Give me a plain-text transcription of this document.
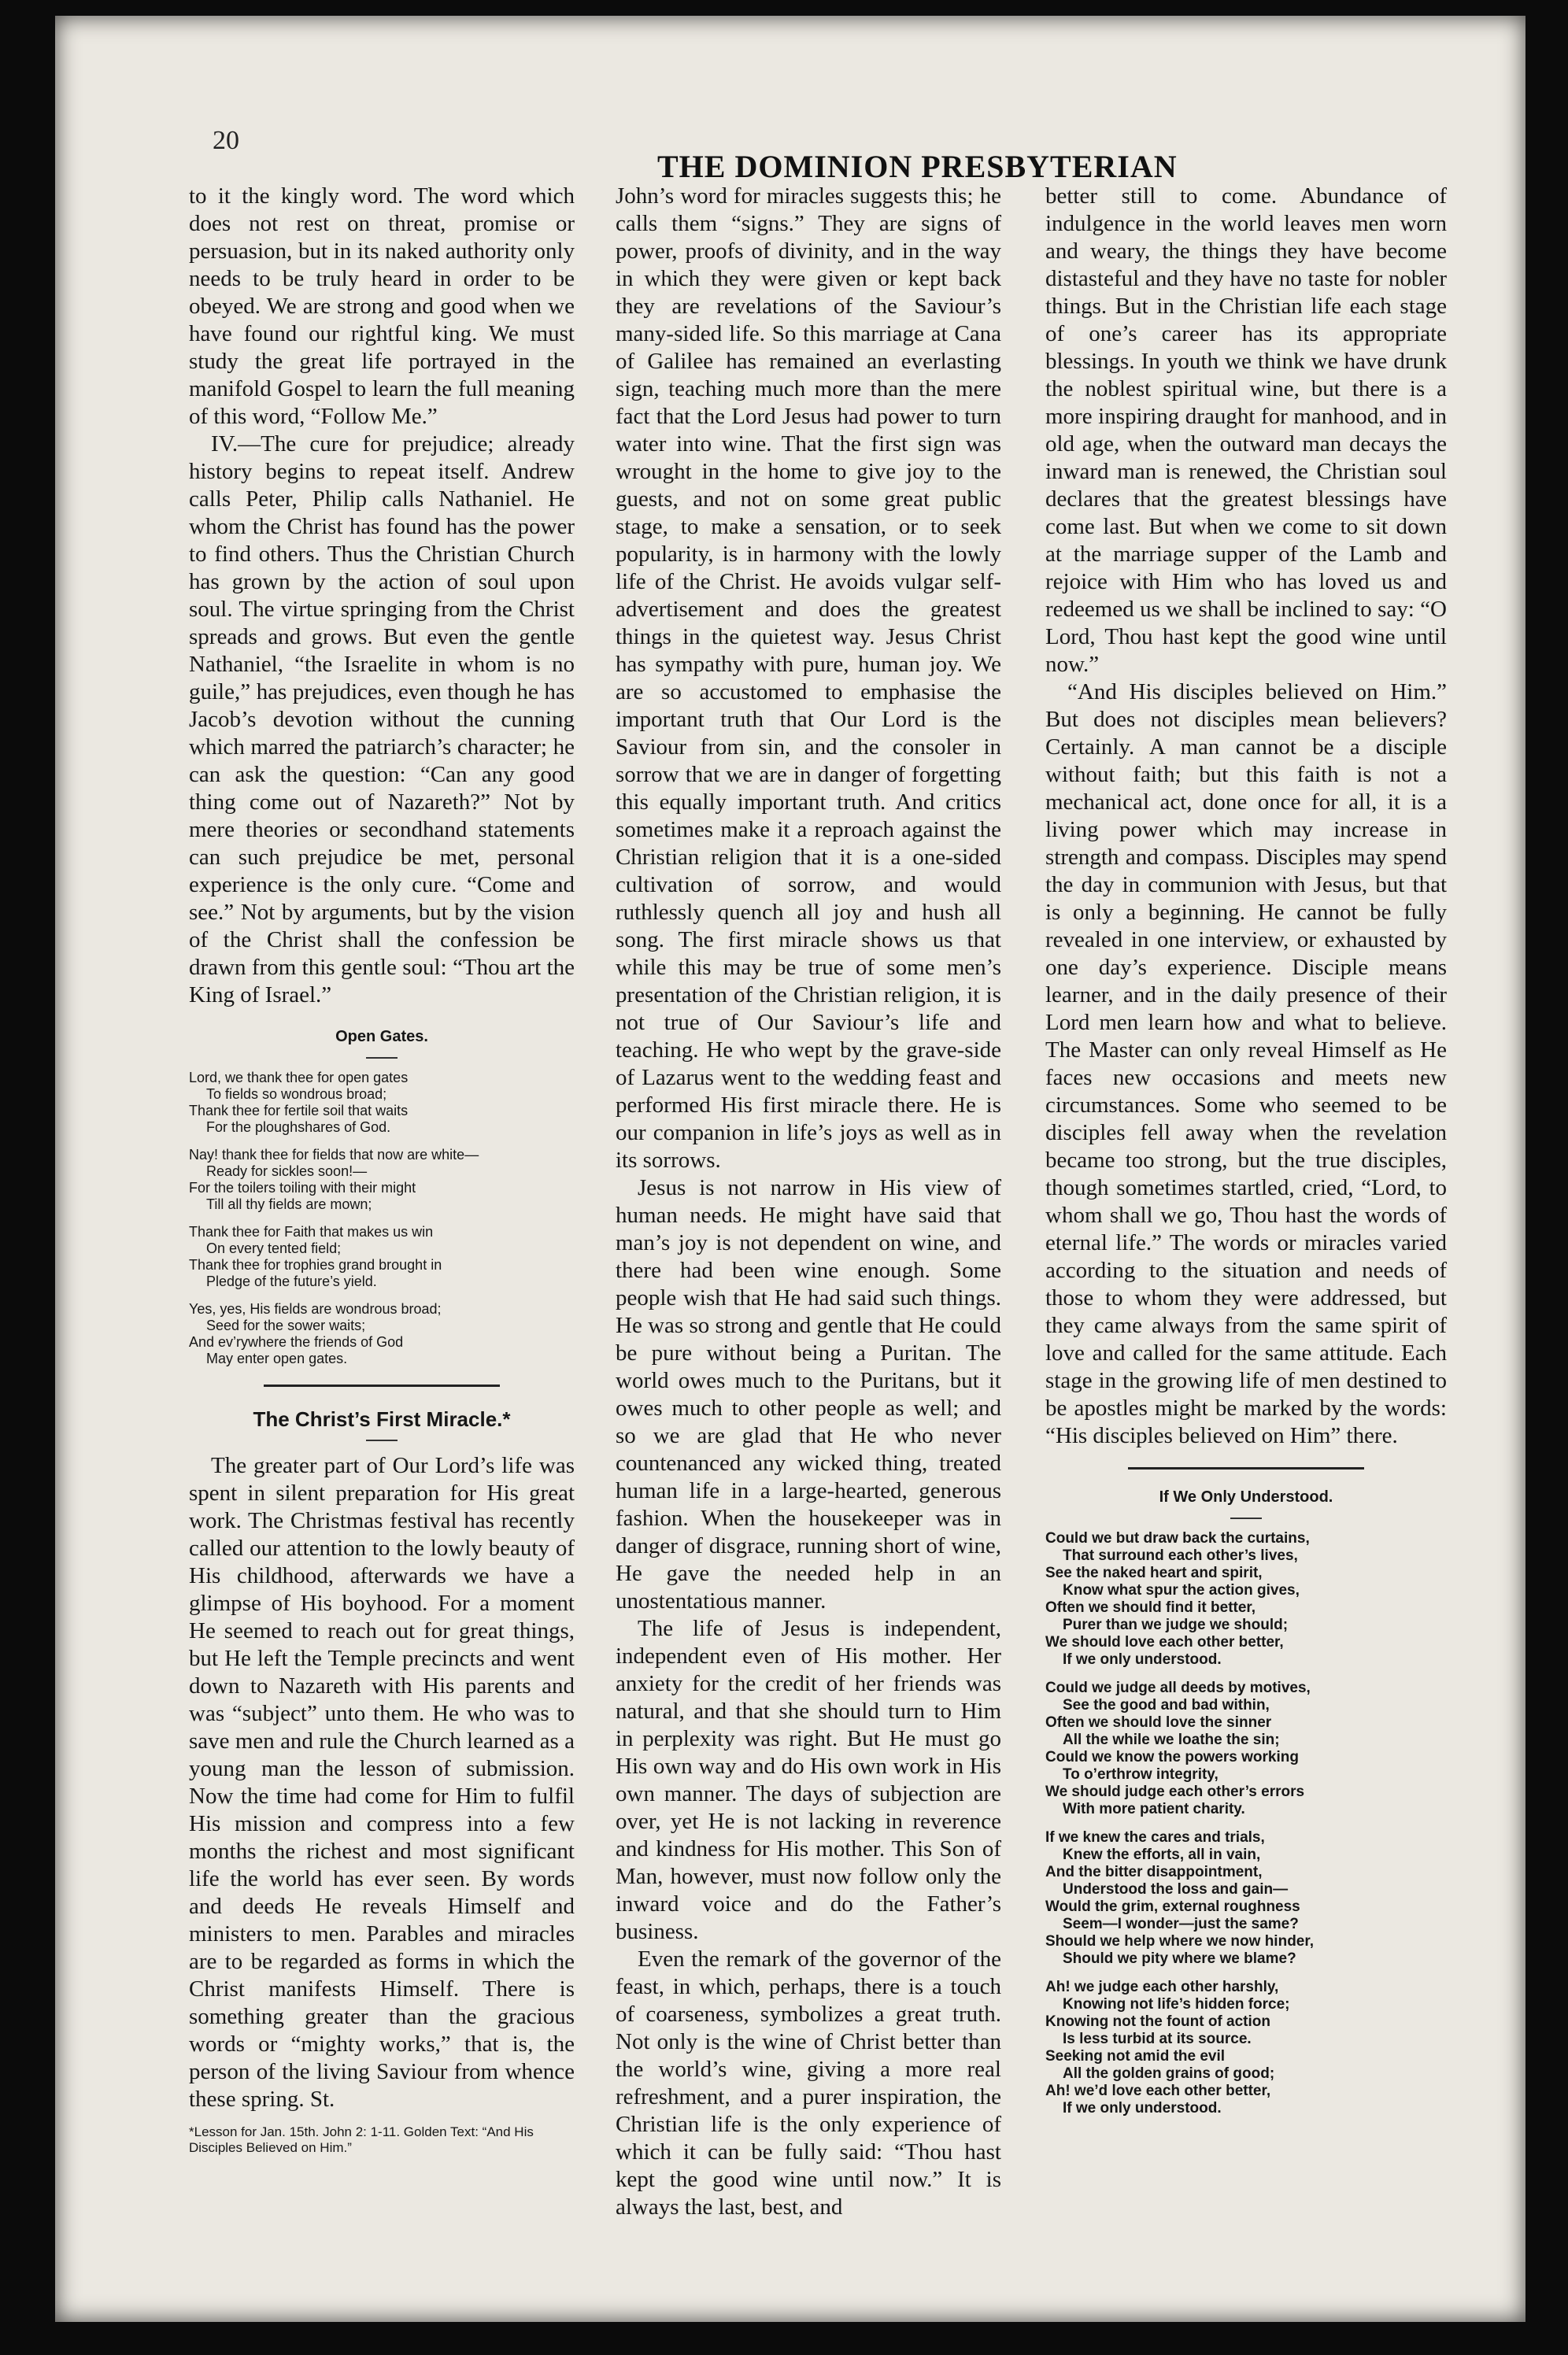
20
THE DOMINION PRESBYTERIAN

to it the kingly word. The word which does not rest on threat, promise or persuasion, but in its naked authority only needs to be truly heard in order to be obeyed. We are strong and good when we have found our rightful king. We must study the great life portrayed in the manifold Gospel to learn the full meaning of this word, “Follow Me.”

IV.—The cure for prejudice; already history begins to repeat itself. Andrew calls Peter, Philip calls Nathaniel. He whom the Christ has found has the power to find others. Thus the Christian Church has grown by the action of soul upon soul. The virtue springing from the Christ spreads and grows. But even the gentle Nathaniel, “the Israelite in whom is no guile,” has prejudices, even though he has Jacob’s devotion without the cunning which marred the patriarch’s character; he can ask the question: “Can any good thing come out of Nazareth?” Not by mere theories or secondhand statements can such prejudice be met, personal experience is the only cure. “Come and see.” Not by arguments, but by the vision of the Christ shall the confession be drawn from this gentle soul: “Thou art the King of Israel.”

Open Gates.
Lord, we thank thee for open gates
To fields so wondrous broad;
Thank thee for fertile soil that waits
For the ploughshares of God.
Nay! thank thee for fields that now are white—
Ready for sickles soon!—
For the toilers toiling with their might
Till all thy fields are mown;
Thank thee for Faith that makes us win
On every tented field;
Thank thee for trophies grand brought in
Pledge of the future’s yield.
Yes, yes, His fields are wondrous broad;
Seed for the sower waits;
And ev’rywhere the friends of God
May enter open gates.
The Christ’s First Miracle.*

The greater part of Our Lord’s life was spent in silent preparation for His great work. The Christmas festival has recently called our attention to the lowly beauty of His childhood, afterwards we have a glimpse of His boyhood. For a moment He seemed to reach out for great things, but He left the Temple precincts and went down to Nazareth with His parents and was “subject” unto them. He who was to save men and rule the Church learned as a young man the lesson of submission. Now the time had come for Him to fulfil His mission and compress into a few months the richest and most significant life the world has ever seen. By words and deeds He reveals Himself and ministers to men. Parables and miracles are to be regarded as forms in which the Christ manifests Himself. There is something greater than the gracious words or “mighty works,” that is, the person of the living Saviour from whence these spring. St.

*Lesson for Jan. 15th. John 2: 1-11. Golden Text: “And His Disciples Believed on Him.”

John’s word for miracles suggests this; he calls them “signs.” They are signs of power, proofs of divinity, and in the way in which they were given or kept back they are revelations of the Saviour’s many-sided life. So this marriage at Cana of Galilee has remained an everlasting sign, teaching much more than the mere fact that the Lord Jesus had power to turn water into wine. That the first sign was wrought in the home to give joy to the guests, and not on some great public stage, to make a sensation, or to seek popularity, is in harmony with the lowly life of the Christ. He avoids vulgar self-advertisement and does the greatest things in the quietest way. Jesus Christ has sympathy with pure, human joy. We are so accustomed to emphasise the important truth that Our Lord is the Saviour from sin, and the consoler in sorrow that we are in danger of forgetting this equally important truth. And critics sometimes make it a reproach against the Christian religion that it is a one-sided cultivation of sorrow, and would ruthlessly quench all joy and hush all song. The first miracle shows us that while this may be true of some men’s presentation of the Christian religion, it is not true of Our Saviour’s life and teaching. He who wept by the grave-side of Lazarus went to the wedding feast and performed His first miracle there. He is our companion in life’s joys as well as in its sorrows.

Jesus is not narrow in His view of human needs. He might have said that man’s joy is not dependent on wine, and there had been wine enough. Some people wish that He had said such things. He was so strong and gentle that He could be pure without being a Puritan. The world owes much to the Puritans, but it owes much to other people as well; and so we are glad that He who never countenanced any wicked thing, treated human life in a large-hearted, generous fashion. When the housekeeper was in danger of disgrace, running short of wine, He gave the needed help in an unostentatious manner.

The life of Jesus is independent, independent even of His mother. Her anxiety for the credit of her friends was natural, and that she should turn to Him in perplexity was right. But He must go His own way and do His own work in His own manner. The days of subjection are over, yet He is not lacking in reverence and kindness for His mother. This Son of Man, however, must now follow only the inward voice and do the Father’s business.

Even the remark of the governor of the feast, in which, perhaps, there is a touch of coarseness, symbolizes a great truth. Not only is the wine of Christ better than the world’s wine, giving a more real refreshment, and a purer inspiration, the Christian life is the only experience of which it can be fully said: “Thou hast kept the good wine until now.” It is always the last, best, and

better still to come. Abundance of indulgence in the world leaves men worn and weary, the things they have become distasteful and they have no taste for nobler things. But in the Christian life each stage of one’s career has its appropriate blessings. In youth we think we have drunk the noblest spiritual wine, but there is a more inspiring draught for manhood, and in old age, when the outward man decays the inward man is renewed, the Christian soul declares that the greatest blessings have come last. But when we come to sit down at the marriage supper of the Lamb and rejoice with Him who has loved us and redeemed us we shall be inclined to say: “O Lord, Thou hast kept the good wine until now.”

“And His disciples believed on Him.” But does not disciples mean believers? Certainly. A man cannot be a disciple without faith; but this faith is not a mechanical act, done once for all, it is a living power which may increase in strength and compass. Disciples may spend the day in communion with Jesus, but that is only a beginning. He cannot be fully revealed in one interview, or exhausted by one day’s experience. Disciple means learner, and in the daily presence of their Lord men learn how and what to believe. The Master can only reveal Himself as He faces new occasions and meets new circumstances. Some who seemed to be disciples fell away when the revelation became too strong, but the true disciples, though sometimes startled, cried, “Lord, to whom shall we go, Thou hast the words of eternal life.” The words or miracles varied according to the situation and needs of those to whom they were addressed, but they came always from the same spirit of love and called for the same attitude. Each stage in the growing life of men destined to be apostles might be marked by the words: “His disciples believed on Him” there.

If We Only Understood.
Could we but draw back the curtains,
That surround each other’s lives,
See the naked heart and spirit,
Know what spur the action gives,
Often we should find it better,
Purer than we judge we should;
We should love each other better,
If we only understood.
Could we judge all deeds by motives,
See the good and bad within,
Often we should love the sinner
All the while we loathe the sin;
Could we know the powers working
To o’erthrow integrity,
We should judge each other’s errors
With more patient charity.
If we knew the cares and trials,
Knew the efforts, all in vain,
And the bitter disappointment,
Understood the loss and gain—
Would the grim, external roughness
Seem—I wonder—just the same?
Should we help where we now hinder,
Should we pity where we blame?
Ah! we judge each other harshly,
Knowing not life’s hidden force;
Knowing not the fount of action
Is less turbid at its source.
Seeking not amid the evil
All the golden grains of good;
Ah! we’d love each other better,
If we only understood.
